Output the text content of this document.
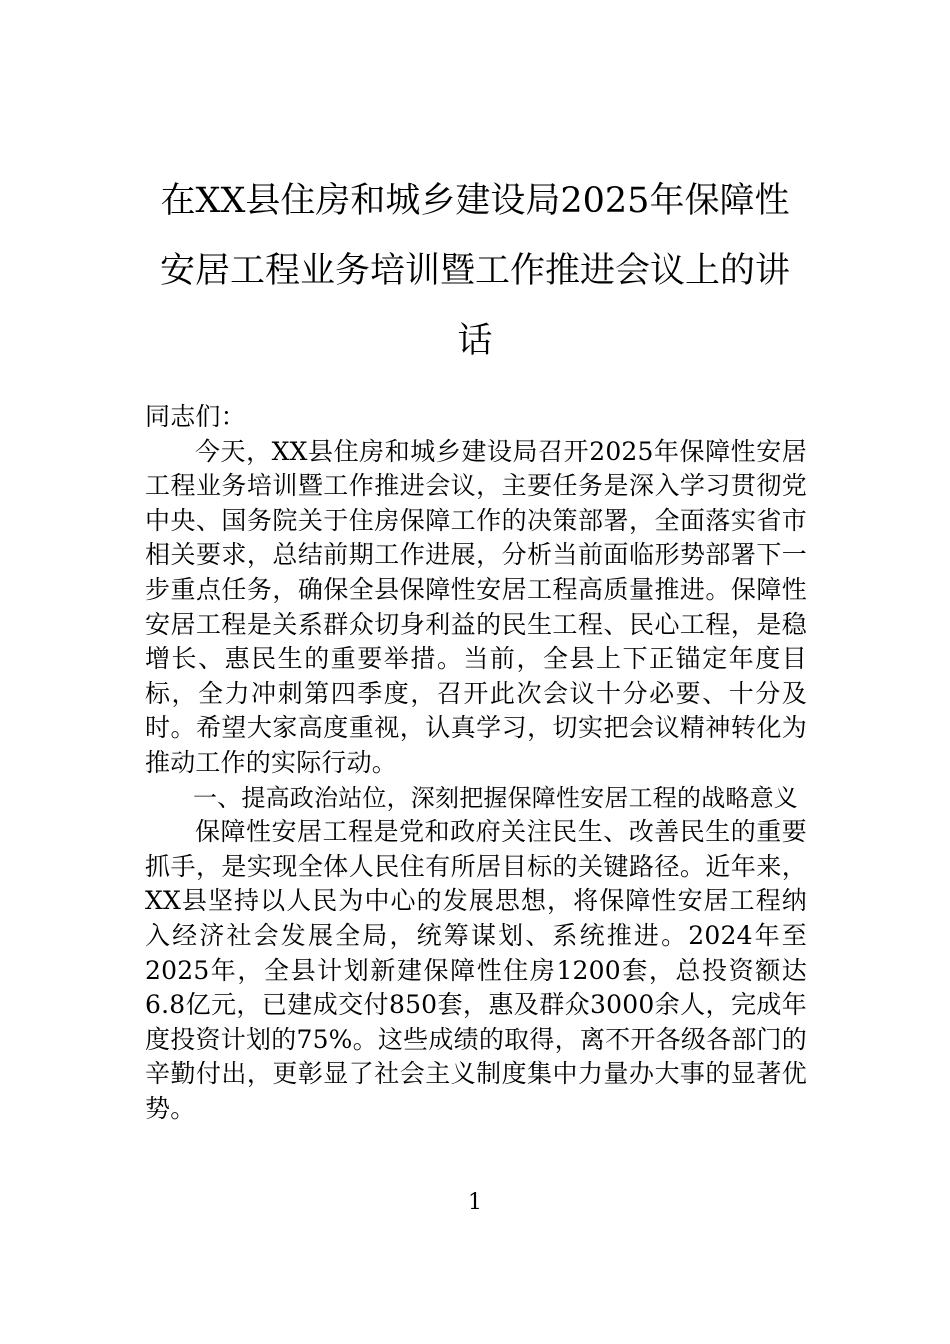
在XX县住房和城乡建设局2025年保障性
安居工程业务培训暨工作推进会议上的讲
话

同志们：

今天，XX县住房和城乡建设局召开2025年保障性安居工程业务培训暨工作推进会议，主要任务是深入学习贯彻党中央、国务院关于住房保障工作的决策部署，全面落实省市相关要求，总结前期工作进展，分析当前面临形势部署下一步重点任务，确保全县保障性安居工程高质量推进。保障性安居工程是关系群众切身利益的民生工程、民心工程，是稳增长、惠民生的重要举措。当前，全县上下正锚定年度目标，全力冲刺第四季度，召开此次会议十分必要、十分及时。希望大家高度重视，认真学习，切实把会议精神转化为推动工作的实际行动。

一、提高政治站位，深刻把握保障性安居工程的战略意义

保障性安居工程是党和政府关注民生、改善民生的重要抓手，是实现全体人民住有所居目标的关键路径。近年来，XX县坚持以人民为中心的发展思想，将保障性安居工程纳入经济社会发展全局，统筹谋划、系统推进。2024年至2025年，全县计划新建保障性住房1200套，总投资额达6.8亿元，已建成交付850套，惠及群众3000余人，完成年度投资计划的75%。这些成绩的取得，离不开各级各部门的辛勤付出，更彰显了社会主义制度集中力量办大事的显著优势。

1
